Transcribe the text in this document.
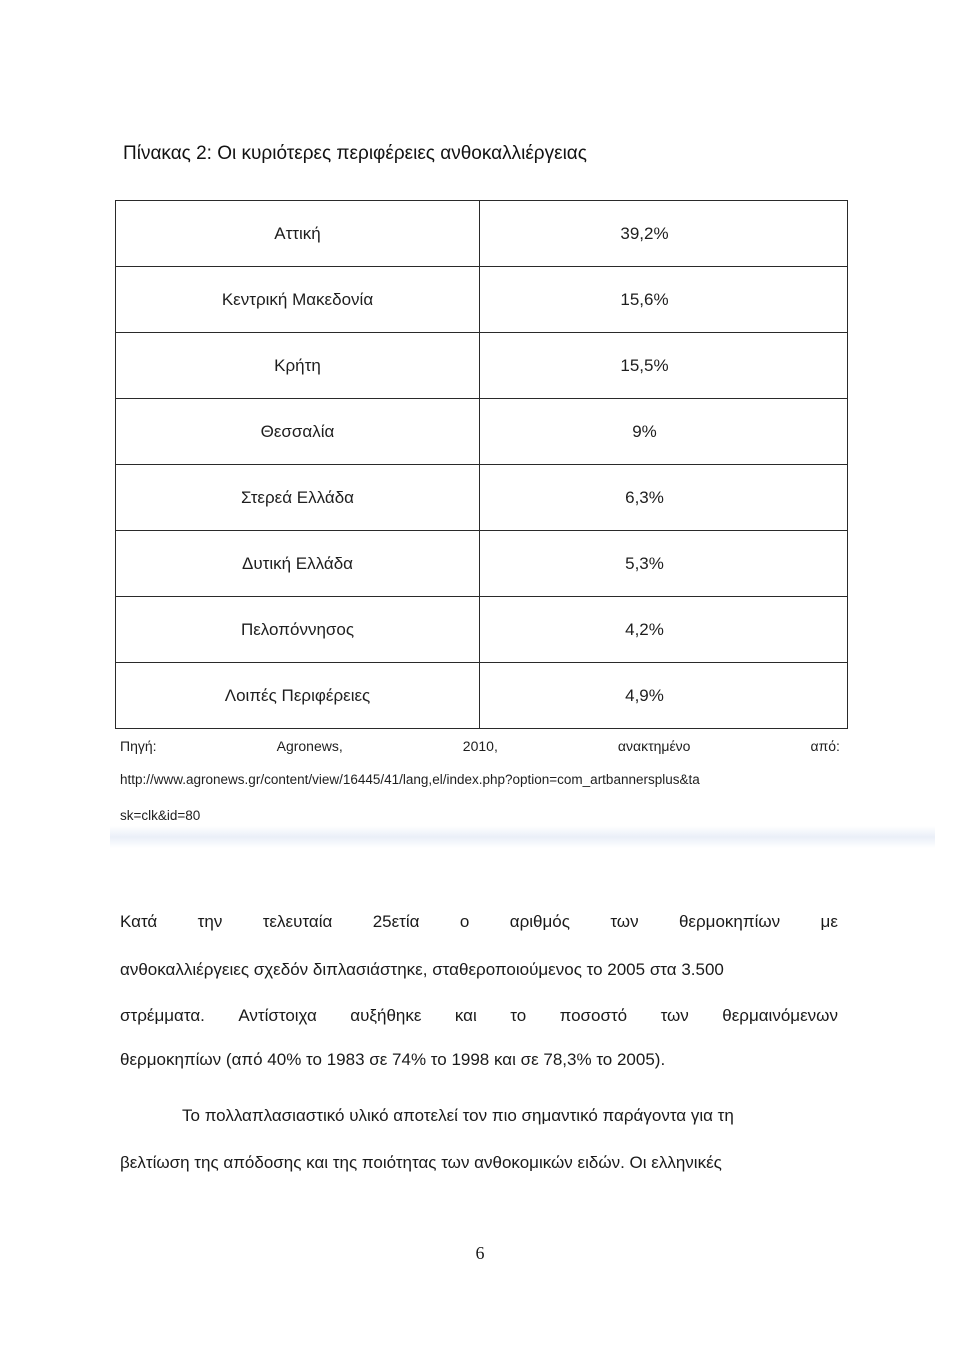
Πίνακας 2: Οι κυριότερες περιφέρειες ανθοκαλλιέργειας
Αττική	39,2%
Κεντρική Μακεδονία	15,6%
Κρήτη	15,5%
Θεσσαλία	9%
Στερεά Ελλάδα	6,3%
Δυτική Ελλάδα	5,3%
Πελοπόννησος	4,2%
Λοιπές Περιφέρειες	4,9%
Πηγή:	Agronews,	2010,	ανακτημένο	από:
http://www.agronews.gr/content/view/16445/41/lang,el/index.php?option=com_artbannersplus&ta
sk=clk&id=80
Κατά την τελευταία 25ετία ο αριθμός των θερμοκηπίων με
ανθοκαλλιέργειες σχεδόν διπλασιάστηκε, σταθεροποιούμενος το 2005 στα 3.500
στρέμματα. Αντίστοιχα αυξήθηκε και το ποσοστό των θερμαινόμενων
θερμοκηπίων (από 40% το 1983 σε 74% το 1998 και σε 78,3% το 2005).
Το πολλαπλασιαστικό υλικό αποτελεί τον πιο σημαντικό παράγοντα για τη
βελτίωση της απόδοσης και της ποιότητας των ανθοκομικών ειδών. Οι ελληνικές
6
